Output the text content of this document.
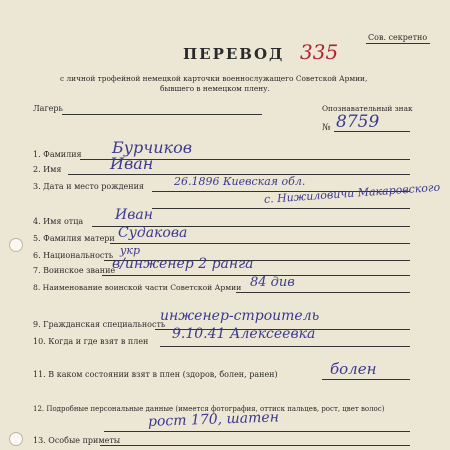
Сов. секретно
ПЕРЕВОД 335
с личной трофейной немецкой карточки военнослужащего Советской Армии,
бывшего в немецком плену.
Лагерь	Опознавательный знак
№ 8759
1. Фамилия Бурчиков
2. Имя	Иван
3. Дата и место рождения	26.1896 Киевская обл.
с. Нижиловичи Макаровского
4. Имя отца Иван
5. Фамилия матери Судакова
6. Национальность укр
7. Воинское звание
в/инженер 2 ранга
8. Наименование воинской части Советской Армии 84 див
9. Гражданская специальность
инженер-строитель
10. Когда и где взят в плен 9.10.41 Алексеевка
11. В каком состоянии взят в плен (здоров, болен, ранен)	болен
12. Подробные персональные данные (имеется фотография, оттиск пальцев, рост, цвет волос)
рост 170, шатен
13. Особые приметы
